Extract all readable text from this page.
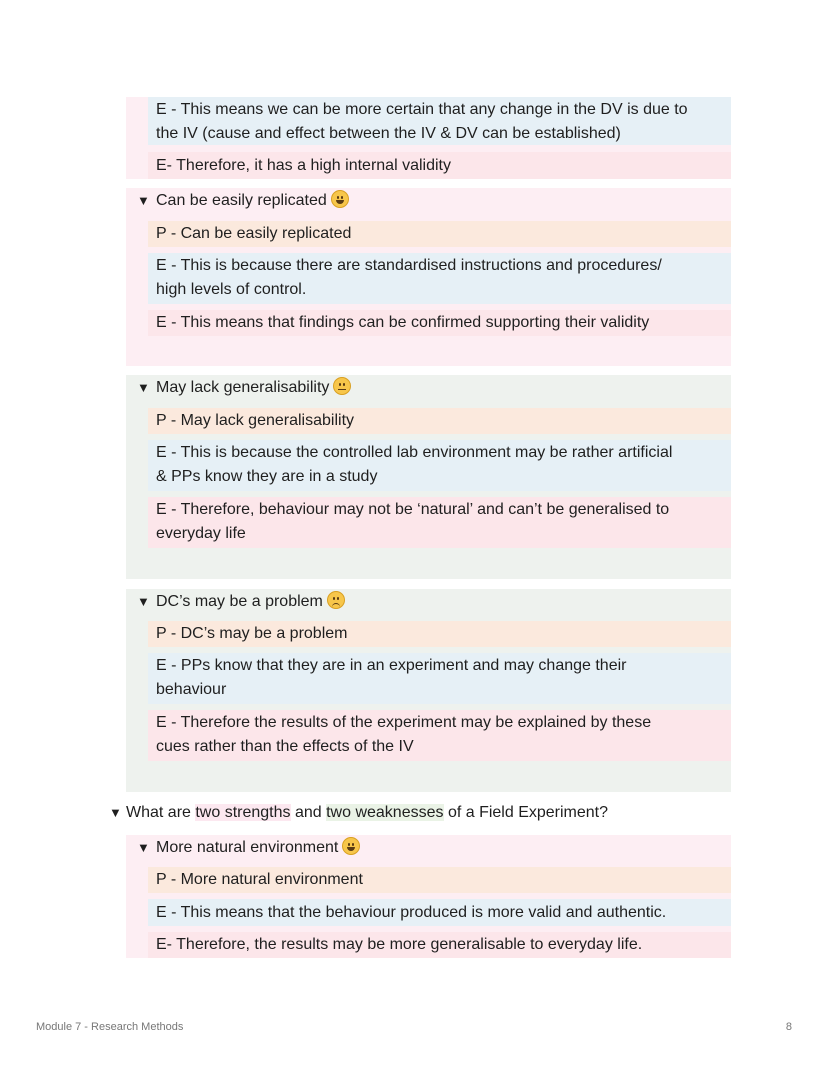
E - This means we can be more certain that any change in the DV is due to
the IV (cause and effect between the IV & DV can be established)
E- Therefore, it has a high internal validity
▼ Can be easily replicated
P - Can be easily replicated
E - This is because there are standardised instructions and procedures/
high levels of control.
E - This means that findings can be confirmed supporting their validity
▼ May lack generalisability
P - May lack generalisability
E - This is because the controlled lab environment may be rather artificial
& PPs know they are in a study
E - Therefore, behaviour may not be ‘natural’ and can’t be generalised to
everyday life
▼ DC’s may be a problem
P - DC’s may be a problem
E - PPs know that they are in an experiment and may change their
behaviour
E - Therefore the results of the experiment may be explained by these
cues rather than the effects of the IV
▼ What are two strengths and two weaknesses of a Field Experiment?
▼ More natural environment
P - More natural environment
E - This means that the behaviour produced is more valid and authentic.
E- Therefore, the results may be more generalisable to everyday life.
Module 7 - Research Methods	8
